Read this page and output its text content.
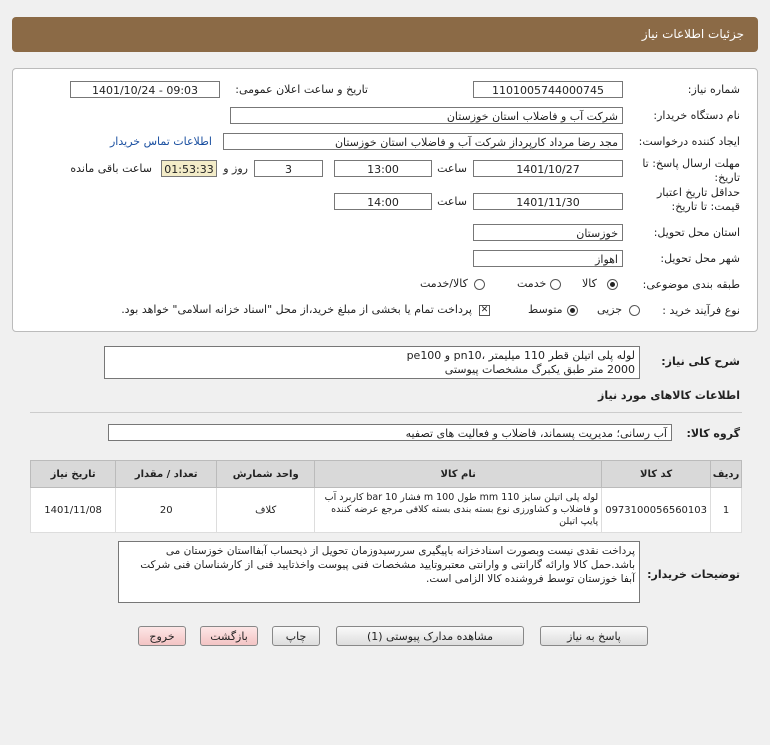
جزئیات اطلاعات نیاز
شماره نیاز:
1101005744000745
تاریخ و ساعت اعلان عمومی:
1401/10/24 - 09:03
نام دستگاه خریدار:
شرکت آب و فاضلاب استان خوزستان
ایجاد کننده درخواست:
مجد رضا مرداد کارپرداز شرکت آب و فاضلاب استان خوزستان
اطلاعات تماس خریدار
مهلت ارسال پاسخ: تا تاریخ:
1401/10/27
ساعت
13:00
3
روز و
01:53:33
ساعت باقی مانده
حداقل تاریخ اعتبار قیمت: تا تاریخ:
1401/11/30
ساعت
14:00
استان محل تحویل:
خوزستان
شهر محل تحویل:
اهواز
طبقه بندی موضوعی:
کالا
خدمت
کالا/خدمت
نوع فرآیند خرید :
جزیی
متوسط
✕
پرداخت تمام یا بخشی از مبلغ خرید،از محل "اسناد خزانه اسلامی" خواهد بود.
شرح کلی نیاز:
لوله پلی اتیلن قطر 110 میلیمتر ،pn10 و pe100
2000 متر طبق یکبرگ مشخصات پیوستی
اطلاعات کالاهای مورد نیاز
گروه کالا:
آب رسانی؛ مدیریت پسماند، فاضلاب و فعالیت های تصفیه
ردیف	کد کالا	نام کالا	واحد شمارش	تعداد / مقدار	تاریخ نیاز
1	0973100056560103	لوله پلی اتیلن سایز 110 mm طول 100 m فشار 10 bar کاربرد آب و فاضلاب و کشاورزی نوع بسته بندی بسته کلافی مرجع عرضه کننده پایپ اتیلن	کلاف	20	1401/11/08
توضیحات خریدار:
پرداخت نقدی نیست وبصورت اسنادخزانه باپیگیری سررسیدوزمان تحویل از ذیحساب آبفااستان خوزستان می باشد.حمل کالا وارائه گارانتی و وارانتی معتبروتایید مشخصات فنی پیوست واخذتایید فنی از کارشناسان فنی شرکت آبفا خوزستان توسط فروشنده کالا الزامی است.
پاسخ به نیاز
مشاهده مدارک پیوستی (1)
چاپ
بازگشت
خروج
